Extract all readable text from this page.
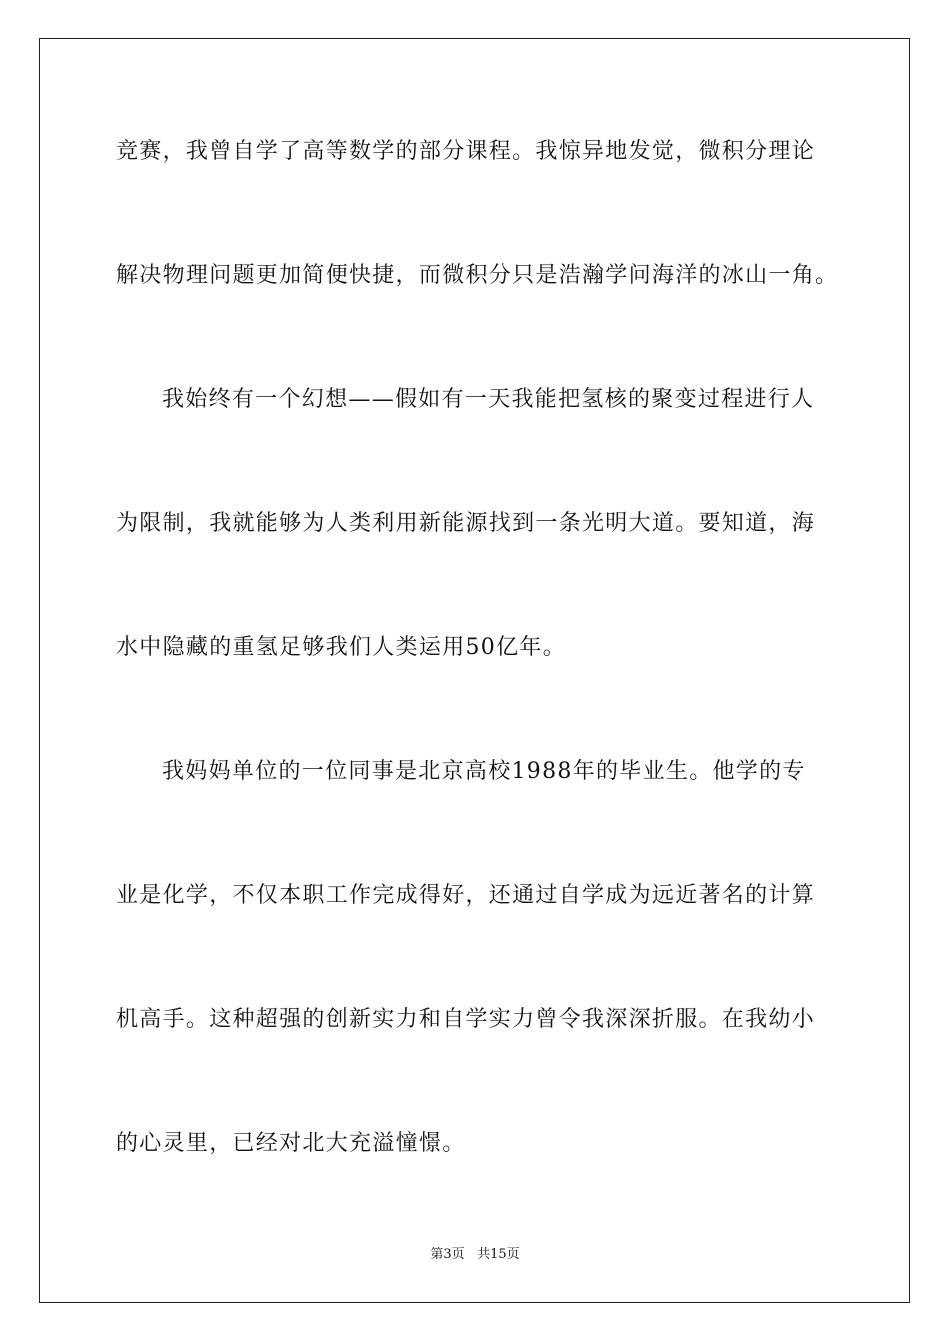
竞赛，我曾自学了高等数学的部分课程。我惊异地发觉，微积分理论
解决物理问题更加简便快捷，而微积分只是浩瀚学问海洋的冰山一角。
我始终有一个幻想——假如有一天我能把氢核的聚变过程进行人
为限制，我就能够为人类利用新能源找到一条光明大道。要知道，海
水中隐藏的重氢足够我们人类运用50亿年。
我妈妈单位的一位同事是北京高校1988年的毕业生。他学的专
业是化学，不仅本职工作完成得好，还通过自学成为远近著名的计算
机高手。这种超强的创新实力和自学实力曾令我深深折服。在我幼小
的心灵里，已经对北大充溢憧憬。
第3页 共15页
